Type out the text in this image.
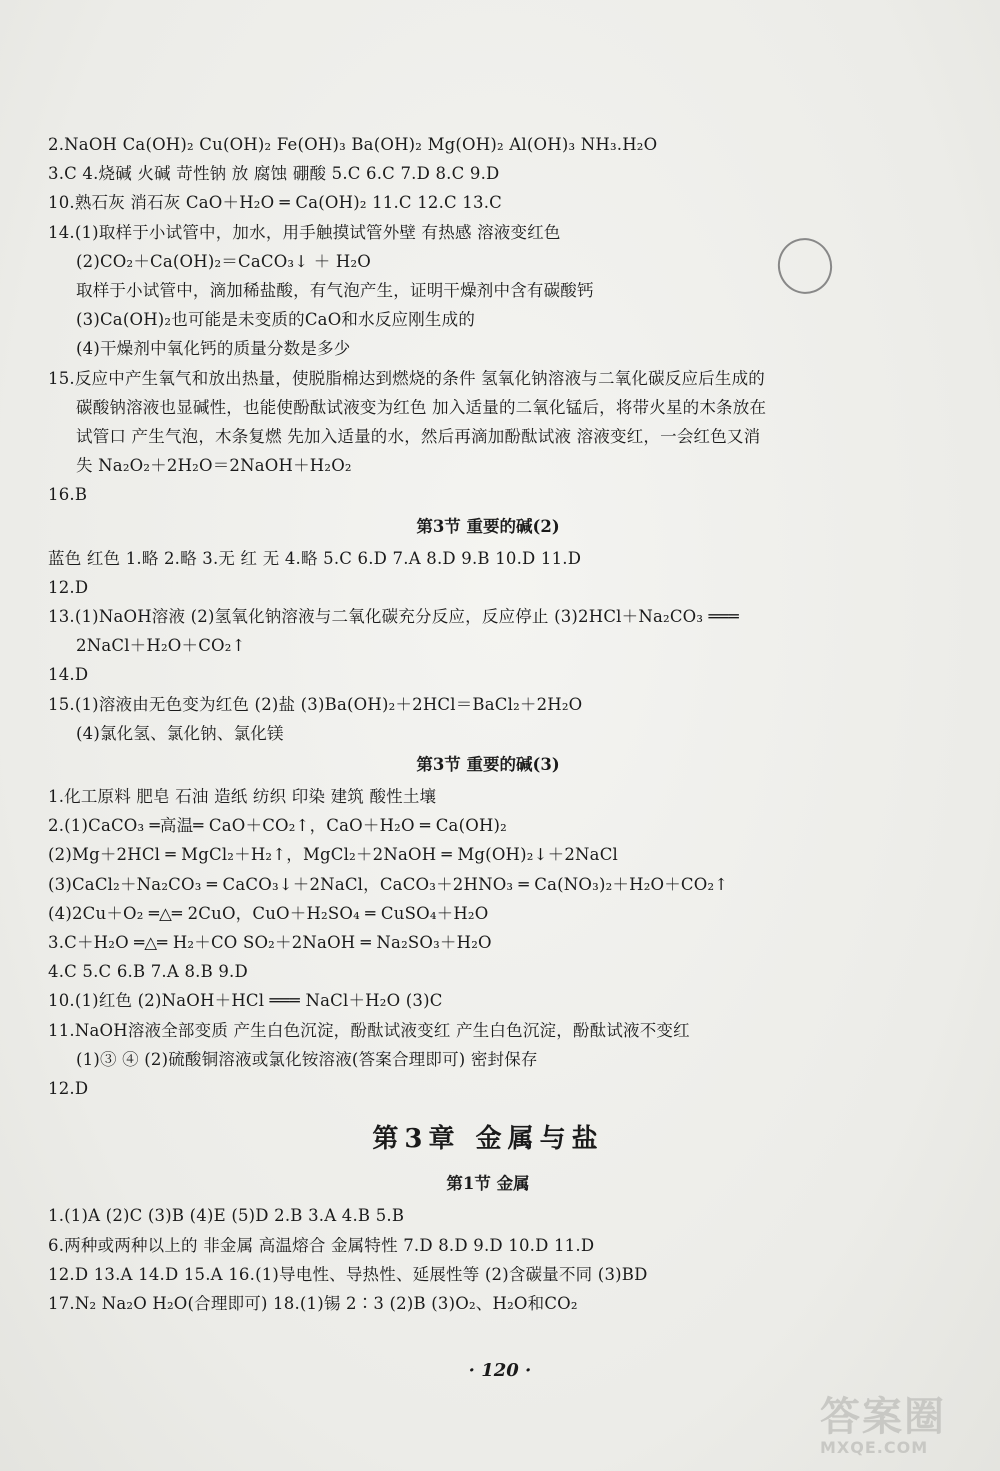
2.NaOH Ca(OH)₂ Cu(OH)₂ Fe(OH)₃ Ba(OH)₂ Mg(OH)₂ Al(OH)₃ NH₃.H₂O
3.C 4.烧碱 火碱 苛性钠 放 腐蚀 硼酸 5.C 6.C 7.D 8.C 9.D
10.熟石灰 消石灰 CaO＋H₂O ═ Ca(OH)₂ 11.C 12.C 13.C
14.(1)取样于小试管中，加水，用手触摸试管外壁 有热感 溶液变红色
(2)CO₂＋Ca(OH)₂＝CaCO₃↓ ＋ H₂O
取样于小试管中，滴加稀盐酸，有气泡产生，证明干燥剂中含有碳酸钙
(3)Ca(OH)₂也可能是未变质的CaO和水反应刚生成的
(4)干燥剂中氧化钙的质量分数是多少
15.反应中产生氧气和放出热量，使脱脂棉达到燃烧的条件 氢氧化钠溶液与二氧化碳反应后生成的
碳酸钠溶液也显碱性，也能使酚酞试液变为红色 加入适量的二氧化锰后，将带火星的木条放在
试管口 产生气泡，木条复燃 先加入适量的水，然后再滴加酚酞试液 溶液变红，一会红色又消
失 Na₂O₂＋2H₂O＝2NaOH＋H₂O₂
16.B
第3节 重要的碱(2)
蓝色 红色 1.略 2.略 3.无 红 无 4.略 5.C 6.D 7.A 8.D 9.B 10.D 11.D
12.D
13.(1)NaOH溶液 (2)氢氧化钠溶液与二氧化碳充分反应，反应停止 (3)2HCl＋Na₂CO₃ ═══
2NaCl＋H₂O＋CO₂↑
14.D
15.(1)溶液由无色变为红色 (2)盐 (3)Ba(OH)₂＋2HCl＝BaCl₂＋2H₂O
(4)氯化氢、氯化钠、氯化镁
第3节 重要的碱(3)
1.化工原料 肥皂 石油 造纸 纺织 印染 建筑 酸性土壤
2.(1)CaCO₃ ═高温═ CaO＋CO₂↑，CaO＋H₂O ═ Ca(OH)₂
(2)Mg＋2HCl ═ MgCl₂＋H₂↑，MgCl₂＋2NaOH ═ Mg(OH)₂↓＋2NaCl
(3)CaCl₂＋Na₂CO₃ ═ CaCO₃↓＋2NaCl，CaCO₃＋2HNO₃ ═ Ca(NO₃)₂＋H₂O＋CO₂↑
(4)2Cu＋O₂ ═△═ 2CuO，CuO＋H₂SO₄ ═ CuSO₄＋H₂O
3.C＋H₂O ═△═ H₂＋CO SO₂＋2NaOH ═ Na₂SO₃＋H₂O
4.C 5.C 6.B 7.A 8.B 9.D
10.(1)红色 (2)NaOH＋HCl ═══ NaCl＋H₂O (3)C
11.NaOH溶液全部变质 产生白色沉淀，酚酞试液变红 产生白色沉淀，酚酞试液不变红
(1)③ ④ (2)硫酸铜溶液或氯化铵溶液(答案合理即可) 密封保存
12.D
第3章 金属与盐
第1节 金属
1.(1)A (2)C (3)B (4)E (5)D 2.B 3.A 4.B 5.B
6.两种或两种以上的 非金属 高温熔合 金属特性 7.D 8.D 9.D 10.D 11.D
12.D 13.A 14.D 15.A 16.(1)导电性、导热性、延展性等 (2)含碳量不同 (3)BD
17.N₂ Na₂O H₂O(合理即可) 18.(1)锡 2∶3 (2)B (3)O₂、H₂O和CO₂
· 120 ·
答案圈
MXQE.COM
